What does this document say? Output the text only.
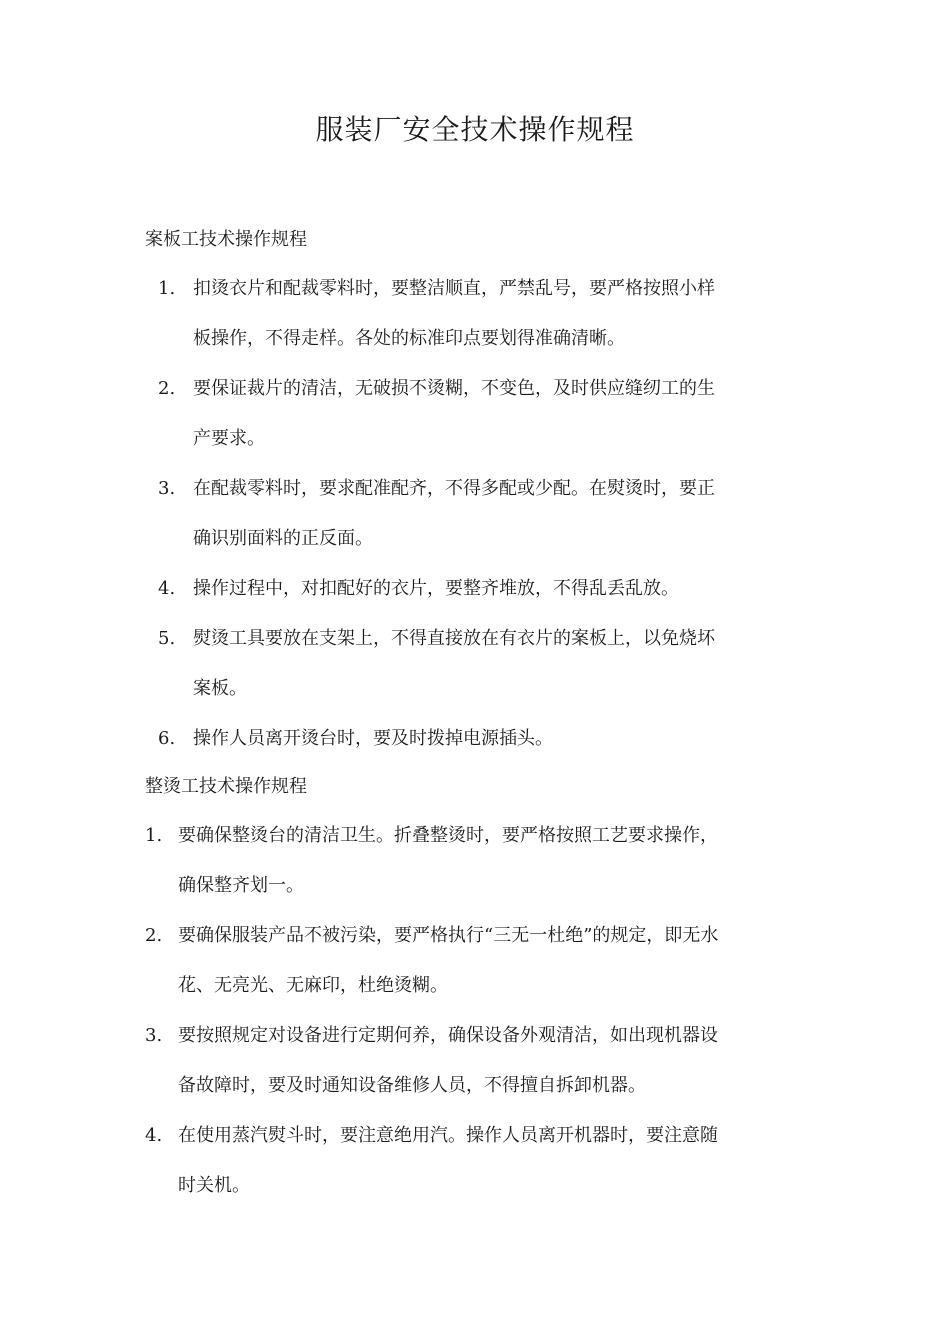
服装厂安全技术操作规程
案板工技术操作规程
1. 扣烫衣片和配裁零料时，要整洁顺直，严禁乱号，要严格按照小样板操作，不得走样。各处的标准印点要划得准确清晰。
2. 要保证裁片的清洁，无破损不烫糊，不变色，及时供应缝纫工的生产要求。
3. 在配裁零料时，要求配准配齐，不得多配或少配。在熨烫时，要正确识别面料的正反面。
4. 操作过程中，对扣配好的衣片，要整齐堆放，不得乱丢乱放。
5. 熨烫工具要放在支架上，不得直接放在有衣片的案板上，以免烧坏案板。
6. 操作人员离开烫台时，要及时拨掉电源插头。
整烫工技术操作规程
1. 要确保整烫台的清洁卫生。折叠整烫时，要严格按照工艺要求操作，确保整齐划一。
2. 要确保服装产品不被污染，要严格执行“三无一杜绝”的规定，即无水花、无亮光、无麻印，杜绝烫糊。
3. 要按照规定对设备进行定期何养，确保设备外观清洁，如出现机器设备故障时，要及时通知设备维修人员，不得擅自拆卸机器。
4. 在使用蒸汽熨斗时，要注意绝用汽。操作人员离开机器时，要注意随时关机。
